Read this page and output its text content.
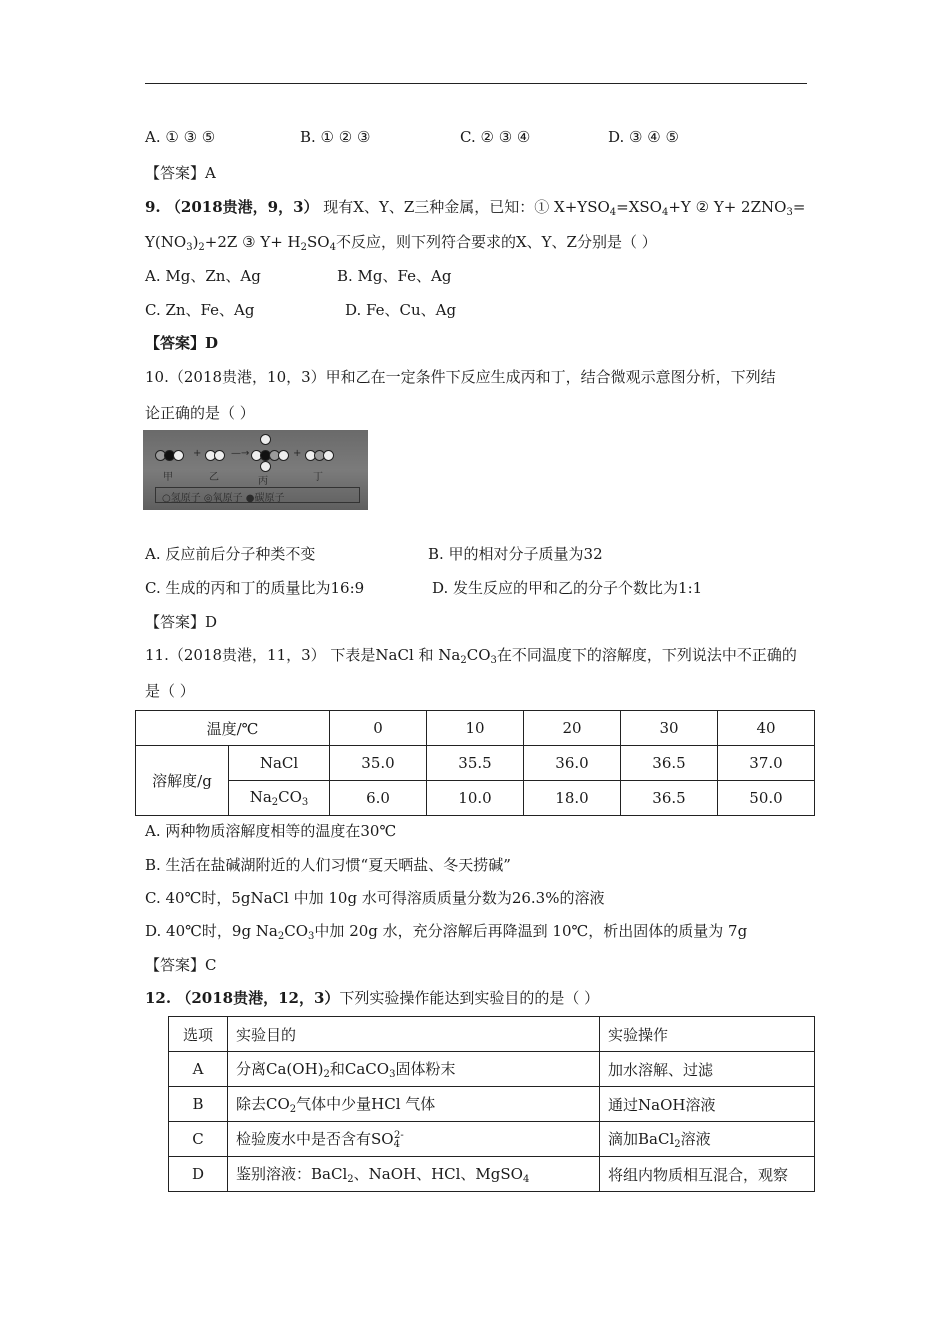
A. ① ③ ⑤	B. ① ② ③	C. ② ③ ④	D. ③ ④ ⑤
【答案】A
9. （2018贵港，9，3） 现有X、Y、Z三种金属，已知：① $X+YSO_4=XSO_4+Y$ ② $Y+ 2ZNO_3=$
$Y(NO_3)_2+2Z$ ③ $Y+ H_2SO_4$不反应，则下列符合要求的X、Y、Z分别是（ ）
A. Mg、Zn、Ag	B. Mg、Fe、Ag
C. Zn、Fe、Ag	D. Fe、Cu、Ag
【答案】D
10.（2018贵港，10，3）甲和乙在一定条件下反应生成丙和丁，结合微观示意图分析，下列结
论正确的是（ ）
+	—→	+
甲	乙	丙	丁
○氢原子 ◎氧原子 ●碳原子
A. 反应前后分子种类不变	B. 甲的相对分子质量为32
C. 生成的丙和丁的质量比为16:9	D. 发生反应的甲和乙的分子个数比为1:1
【答案】D
11.（2018贵港，11，3） 下表是NaCl 和 $Na_2CO_3$在不同温度下的溶解度，下列说法中不正确的
是（ ）
温度/℃		0	10	20	30	40
溶解度/g	NaCl	35.0	35.5	36.0	36.5	37.0
	$Na_2CO_3$	6.0	10.0	18.0	36.5	50.0
A. 两种物质溶解度相等的温度在30℃
B. 生活在盐碱湖附近的人们习惯“夏天晒盐、冬天捞碱”
C. 40℃时，5gNaCl 中加 10g 水可得溶质质量分数为26.3%的溶液
D. 40℃时，9g $Na_2CO_3$中加 20g 水，充分溶解后再降温到 10℃，析出固体的质量为 7g
【答案】C
12. （2018贵港，12，3）下列实验操作能达到实验目的的是（ ）
选项	实验目的	实验操作
A	分离$Ca(OH)_2$和CaCO$_3$固体粉末	加水溶解、过滤
B	除去$CO_2$气体中少量HCl 气体	通过NaOH溶液
C	检验废水中是否含有$SO_4^{2-}$	滴加BaCl$_2$溶液
D	鉴别溶液：BaCl$_2$、NaOH、HCl、MgSO$_4$	将组内物质相互混合，观察
